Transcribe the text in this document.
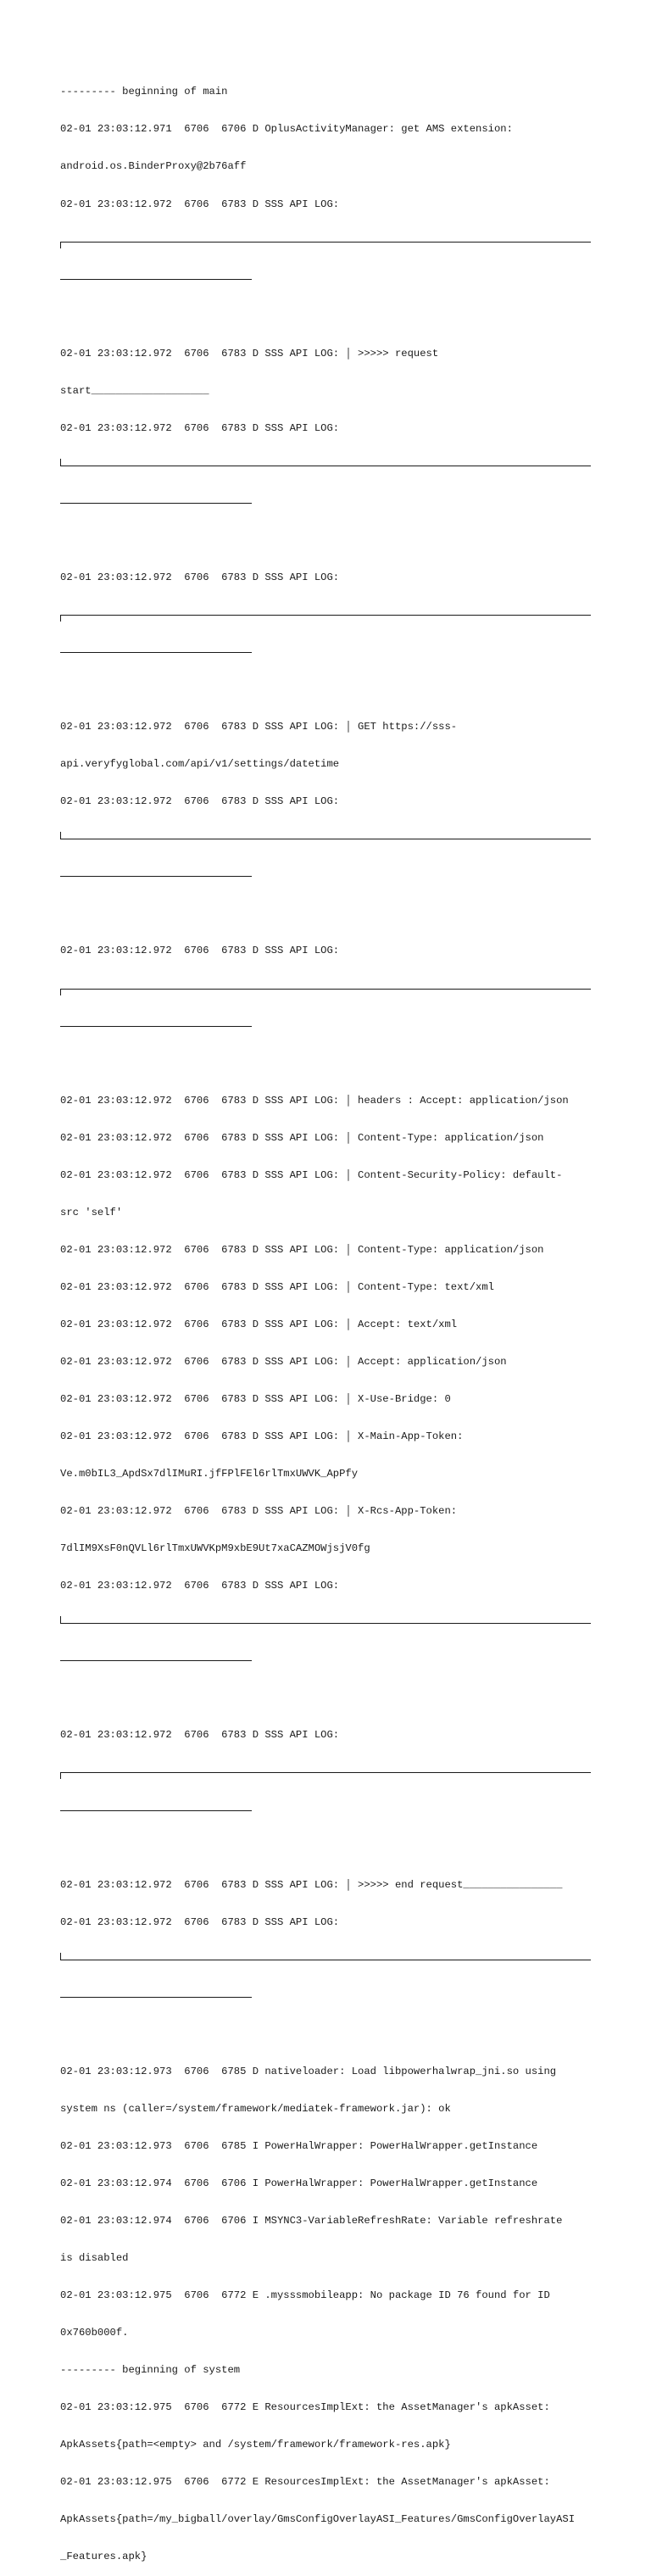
--------- beginning of main

02-01 23:03:12.971  6706  6706 D OplusActivityManager: get AMS extension:

android.os.BinderProxy@2b76aff

02-01 23:03:12.972  6706  6783 D SSS API LOG:

02-01 23:03:12.972  6706  6783 D SSS API LOG: │ >>>>> request

start___________________

02-01 23:03:12.972  6706  6783 D SSS API LOG:

02-01 23:03:12.972  6706  6783 D SSS API LOG:

02-01 23:03:12.972  6706  6783 D SSS API LOG: │ GET https://sss-

api.veryfyglobal.com/api/v1/settings/datetime

02-01 23:03:12.972  6706  6783 D SSS API LOG:

02-01 23:03:12.972  6706  6783 D SSS API LOG:

02-01 23:03:12.972  6706  6783 D SSS API LOG: │ headers : Accept: application/json

02-01 23:03:12.972  6706  6783 D SSS API LOG: │ Content-Type: application/json

02-01 23:03:12.972  6706  6783 D SSS API LOG: │ Content-Security-Policy: default-

src 'self'

02-01 23:03:12.972  6706  6783 D SSS API LOG: │ Content-Type: application/json

02-01 23:03:12.972  6706  6783 D SSS API LOG: │ Content-Type: text/xml

02-01 23:03:12.972  6706  6783 D SSS API LOG: │ Accept: text/xml

02-01 23:03:12.972  6706  6783 D SSS API LOG: │ Accept: application/json

02-01 23:03:12.972  6706  6783 D SSS API LOG: │ X-Use-Bridge: 0

02-01 23:03:12.972  6706  6783 D SSS API LOG: │ X-Main-App-Token:

Ve.m0bIL3_ApdSx7dlIMuRI.jfFPlFEl6rlTmxUWVK_ApPfy

02-01 23:03:12.972  6706  6783 D SSS API LOG: │ X-Rcs-App-Token:

7dlIM9XsF0nQVLl6rlTmxUWVKpM9xbE9Ut7xaCAZMOWjsjV0fg

02-01 23:03:12.972  6706  6783 D SSS API LOG:

02-01 23:03:12.972  6706  6783 D SSS API LOG:

02-01 23:03:12.972  6706  6783 D SSS API LOG: │ >>>>> end request________________

02-01 23:03:12.972  6706  6783 D SSS API LOG:

02-01 23:03:12.973  6706  6785 D nativeloader: Load libpowerhalwrap_jni.so using

system ns (caller=/system/framework/mediatek-framework.jar): ok

02-01 23:03:12.973  6706  6785 I PowerHalWrapper: PowerHalWrapper.getInstance

02-01 23:03:12.974  6706  6706 I PowerHalWrapper: PowerHalWrapper.getInstance

02-01 23:03:12.974  6706  6706 I MSYNC3-VariableRefreshRate: Variable refreshrate

is disabled

02-01 23:03:12.975  6706  6772 E .mysssmobileapp: No package ID 76 found for ID

0x760b000f.

--------- beginning of system

02-01 23:03:12.975  6706  6772 E ResourcesImplExt: the AssetManager's apkAsset:

ApkAssets{path=<empty> and /system/framework/framework-res.apk}

02-01 23:03:12.975  6706  6772 E ResourcesImplExt: the AssetManager's apkAsset:

ApkAssets{path=/my_bigball/overlay/GmsConfigOverlayASI_Features/GmsConfigOverlayASI

_Features.apk}
